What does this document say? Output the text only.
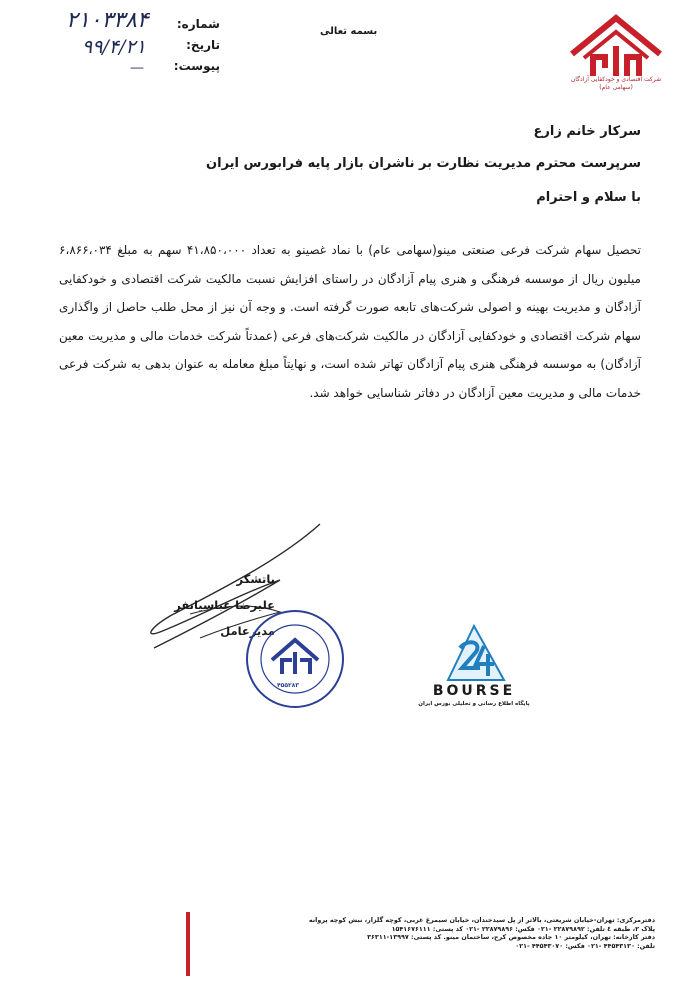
شرکت اقتصادی و خودکفایی آزادگان
(سهامی عام)
بسمه تعالی
شماره:
تاریخ:
پیوست:
۲۱۰۳۳۸۴
۹۹/۴/۲۱
—
سرکار خانم زارع
سرپرست محترم مدیریت نظارت بر ناشران بازار پایه فرابورس ایران
با سلام و احترام
تحصیل سهام شرکت فرعی صنعتی مینو(سهامی عام) با نماد غصینو به تعداد ۴۱،۸۵۰،۰۰۰ سهم به مبلغ ۶،۸۶۶،۰۳۴ میلیون ریال از موسسه فرهنگی و هنری پیام آزادگان در راستای افزایش نسبت مالکیت شرکت اقتصادی و خودکفایی آزادگان و مدیریت بهینه و اصولی شرکت‌های تابعه صورت گرفته است. و وجه آن نیز از محل طلب حاصل از واگذاری سهام شرکت اقتصادی و خودکفایی آزادگان در مالکیت شرکت‌های فرعی (عمدتاً شرکت خدمات مالی و مدیریت معین آزادگان) به موسسه فرهنگی هنری پیام آزادگان تهاتر شده است، و نهایتاً مبلغ معامله به عنوان بدهی به شرکت فرعی خدمات مالی و مدیریت معین آزادگان در دفاتر شناسایی خواهد شد.
باتشکر
علیرضا عباسیانفر
مدیرعامل
۴۵۵۲۸۳	BOURSE
پایگاه اطلاع رسانی و تحلیلی بورس ایران
دفترمرکزی: تهران-خیابان شریعتی، بالاتر از پل سیدخندان، خیابان سیمرغ غربی، کوچه گلزار، نبش کوچه پروانه
پلاک ۲، طبقه ٤ تلفن: ۲۲۸۷۹۸۹۲ -۰۲۱ فکس: ۲۲۸۷۹۸۹۶ -۰۲۱ کد پستی: ۱۵۴۱۶۷۶۱۱۱
دفتر کارخانه: تهران، کیلومتر ۱۰ جاده مخصوص کرج، ساختمان مینو. کد پستی: ۱۳۹۹۷-۳۶۳۱۱
تلفن: ۴۴۵۴۳۱۳۰ -۰۲۱ فکس: ۴۴۵۴۳۰۷۰ -۰۲۱
